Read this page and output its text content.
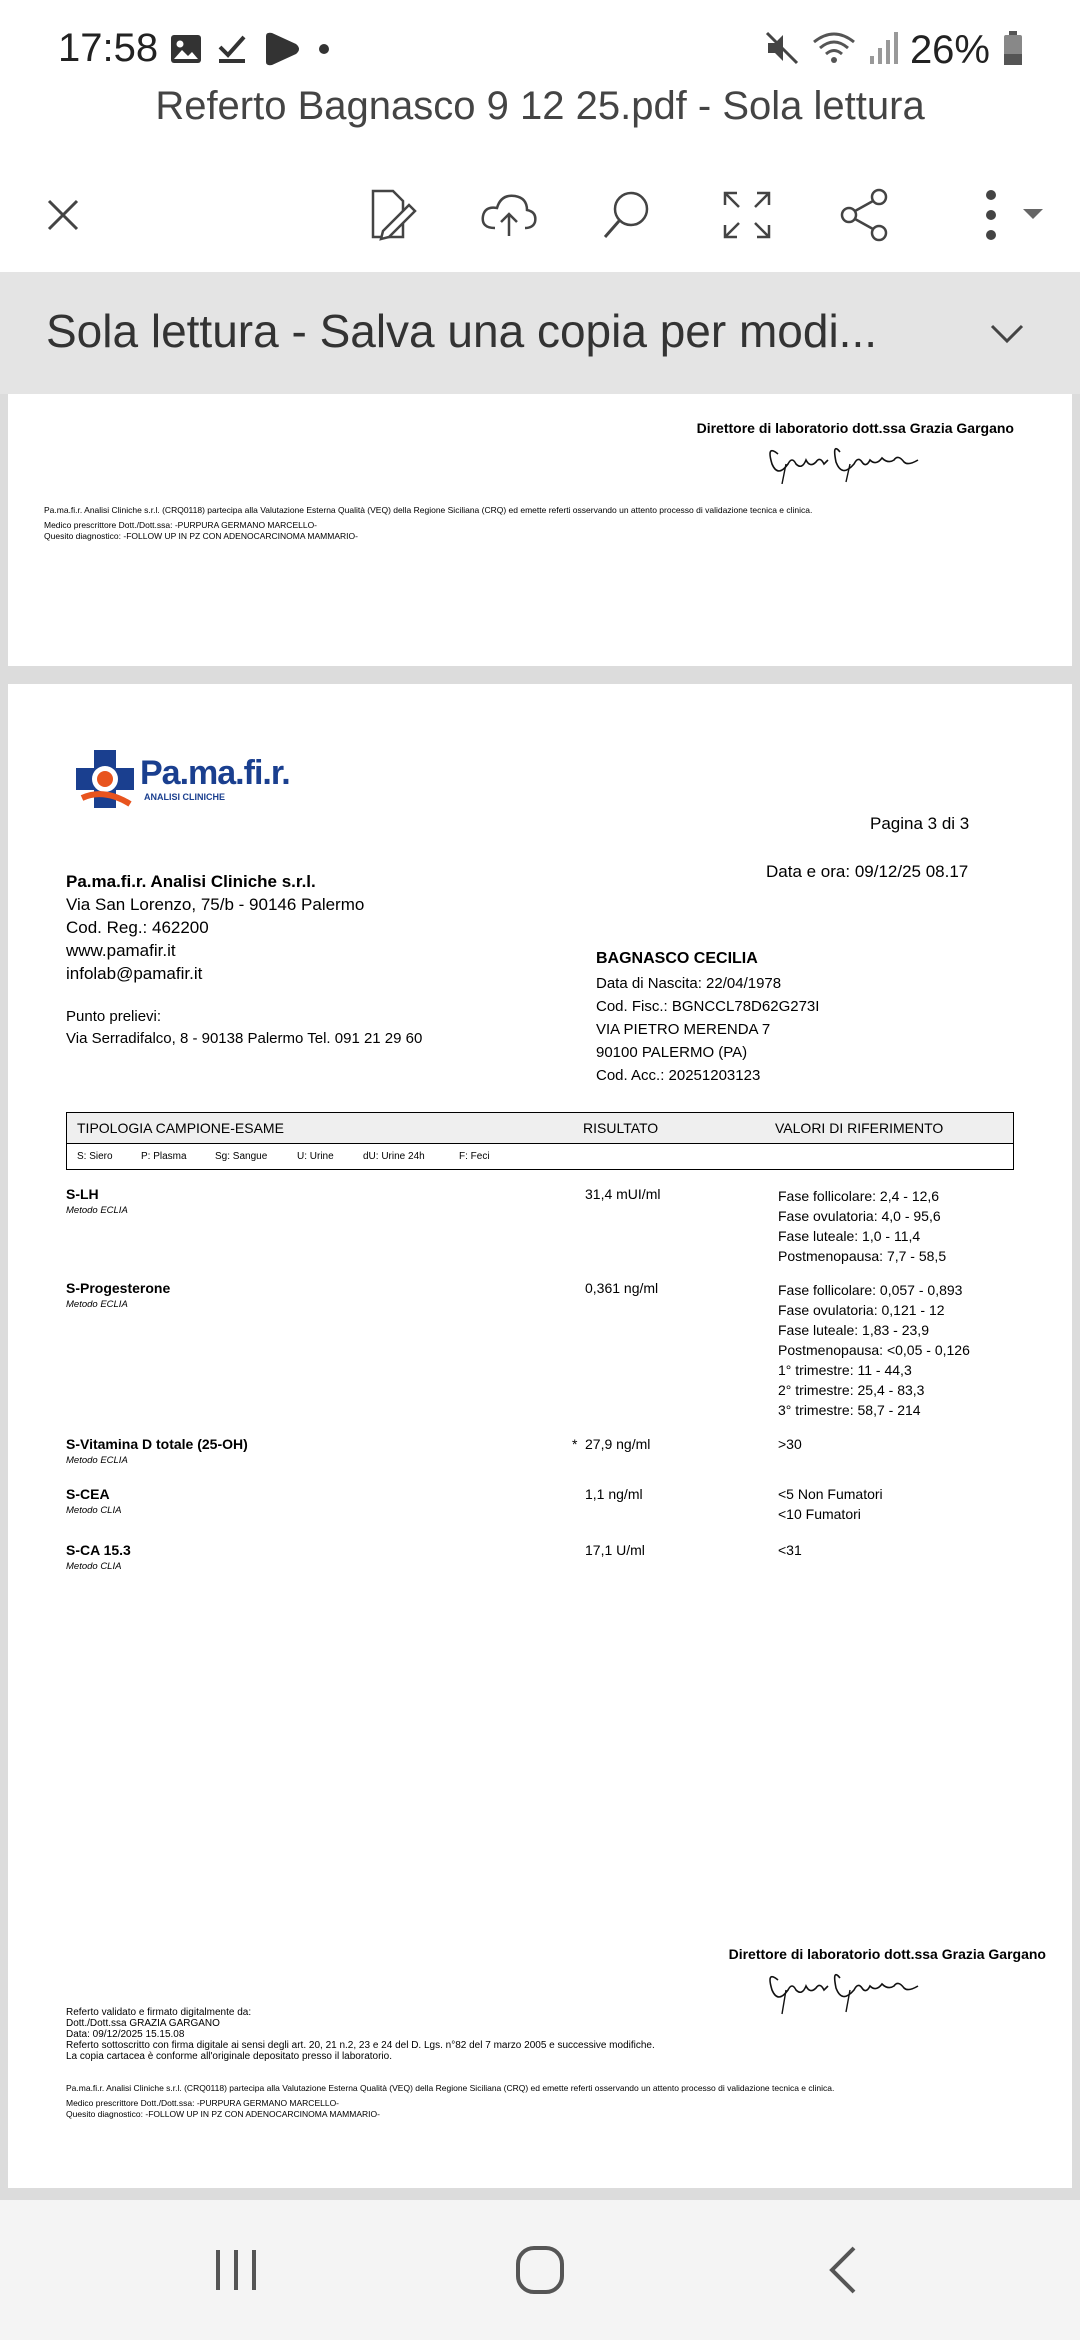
17:58	26%
Referto Bagnasco 9 12 25.pdf - Sola lettura
Sola lettura - Salva una copia per modi...
Direttore di laboratorio dott.ssa Grazia Gargano
Pa.ma.fi.r. Analisi Cliniche s.r.l. (CRQ0118) partecipa alla Valutazione Esterna Qualità (VEQ) della Regione Siciliana (CRQ) ed emette referti osservando un attento processo di validazione tecnica e clinica.
Medico prescrittore Dott./Dott.ssa: -PURPURA GERMANO MARCELLO-
Quesito diagnostico: -FOLLOW UP IN PZ CON ADENOCARCINOMA MAMMARIO-
Pa.ma.fi.r.
ANALISI CLINICHE
Pagina 3 di 3
Data e ora: 09/12/25 08.17
Pa.ma.fi.r. Analisi Cliniche s.r.l.
Via San Lorenzo, 75/b - 90146 Palermo
Cod. Reg.: 462200
www.pamafir.it
infolab@pamafir.it
Punto prelievi:
Via Serradifalco, 8 - 90138 Palermo Tel. 091 21 29 60
BAGNASCO CECILIA
Data di Nascita: 22/04/1978
Cod. Fisc.: BGNCCL78D62G273I
VIA PIETRO MERENDA 7
90100 PALERMO (PA)
Cod. Acc.: 20251203123
TIPOLOGIA CAMPIONE-ESAME	RISULTATO	VALORI DI RIFERIMENTO
S: Siero	P: Plasma	Sg: Sangue	U: Urine	dU: Urine 24h	F: Feci
S-LH
Metodo ECLIA
31,4 mUI/ml	Fase follicolare: 2,4 - 12,6
Fase ovulatoria: 4,0 - 95,6
Fase luteale: 1,0 - 11,4
Postmenopausa: 7,7 - 58,5
S-Progesterone
Metodo ECLIA
0,361 ng/ml	Fase follicolare: 0,057 - 0,893
Fase ovulatoria: 0,121 - 12
Fase luteale: 1,83 - 23,9
Postmenopausa: <0,05 - 0,126
1° trimestre: 11 - 44,3
2° trimestre: 25,4 - 83,3
3° trimestre: 58,7 - 214
S-Vitamina D totale (25-OH)
Metodo ECLIA
* 27,9 ng/ml	>30
S-CEA
Metodo CLIA
1,1 ng/ml	<5 Non Fumatori
<10 Fumatori
S-CA 15.3
Metodo CLIA
17,1 U/ml	<31
Direttore di laboratorio dott.ssa Grazia Gargano
Referto validato e firmato digitalmente da:
Dott./Dott.ssa GRAZIA GARGANO
Data: 09/12/2025 15.15.08
Referto sottoscritto con firma digitale ai sensi degli art. 20, 21 n.2, 23 e 24 del D. Lgs. n°82 del 7 marzo 2005 e successive modifiche.
La copia cartacea è conforme all'originale depositato presso il laboratorio.
Pa.ma.fi.r. Analisi Cliniche s.r.l. (CRQ0118) partecipa alla Valutazione Esterna Qualità (VEQ) della Regione Siciliana (CRQ) ed emette referti osservando un attento processo di validazione tecnica e clinica.
Medico prescrittore Dott./Dott.ssa: -PURPURA GERMANO MARCELLO-
Quesito diagnostico: -FOLLOW UP IN PZ CON ADENOCARCINOMA MAMMARIO-
